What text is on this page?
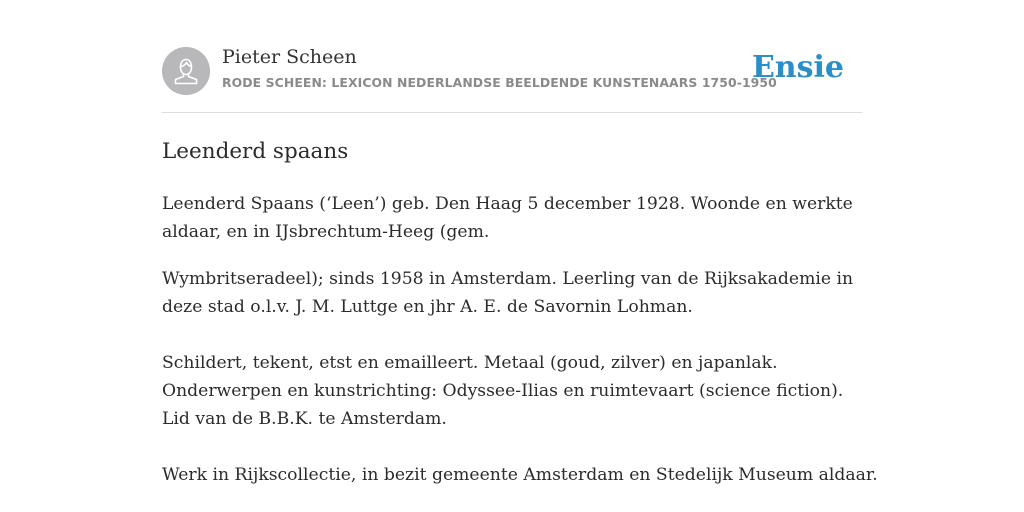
Pieter Scheen
RODE SCHEEN: LEXICON NEDERLANDSE BEELDENDE KUNSTENAARS 1750-1950
Ensie
Leenderd spaans

Leenderd Spaans (‘Leen’) geb. Den Haag 5 december 1928. Woonde en werkte
aldaar, en in IJsbrechtum-Heeg (gem.

Wymbritseradeel); sinds 1958 in Amsterdam. Leerling van de Rijksakademie in
deze stad o.l.v. J. M. Luttge en jhr A. E. de Savornin Lohman.

Schildert, tekent, etst en emailleert. Metaal (goud, zilver) en japanlak.
Onderwerpen en kunstrichting: Odyssee-Ilias en ruimtevaart (science fiction).
Lid van de B.B.K. te Amsterdam.

Werk in Rijkscollectie, in bezit gemeente Amsterdam en Stedelijk Museum aldaar.
